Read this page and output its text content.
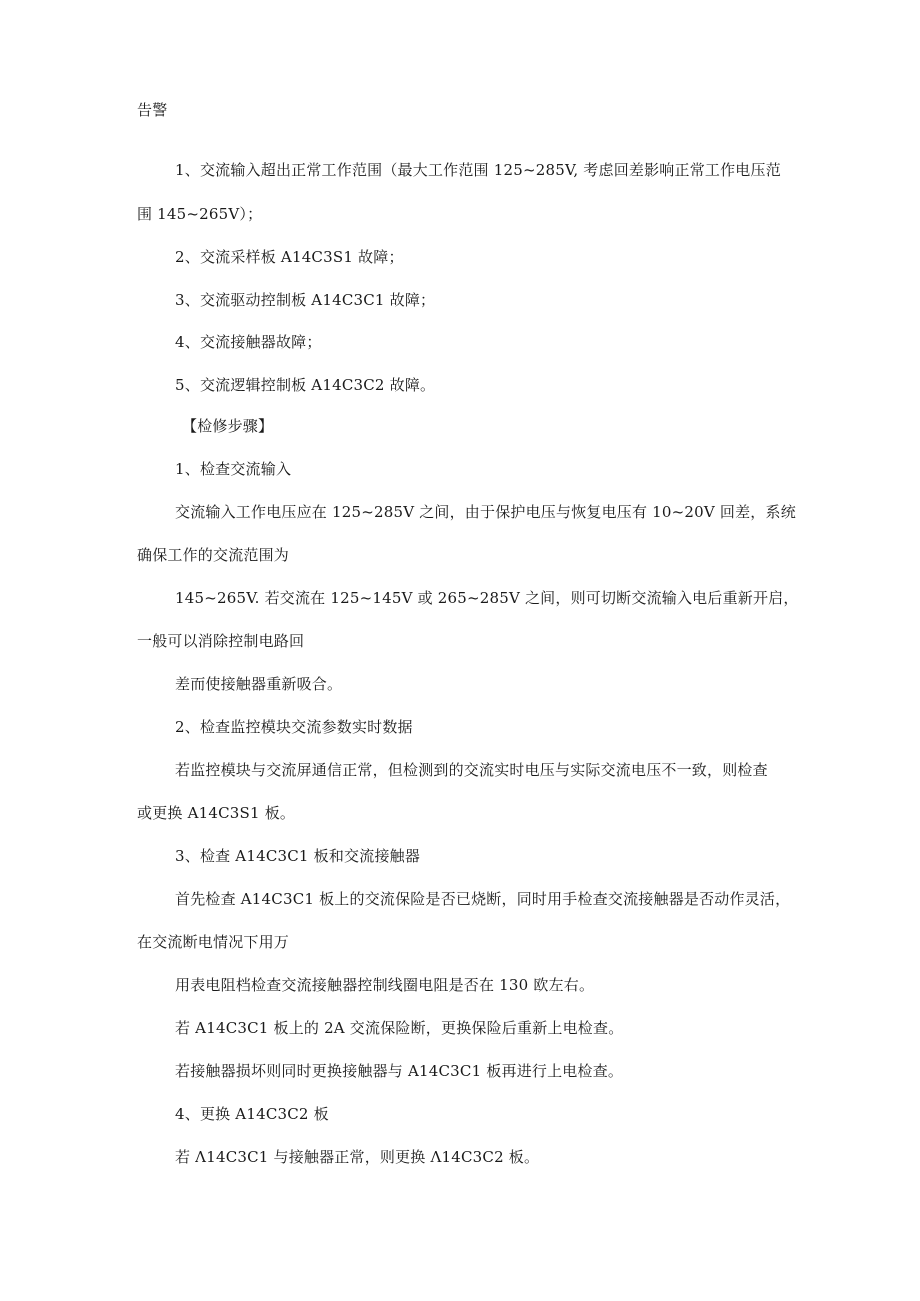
告警
1、交流输入超出正常工作范围（最大工作范围 125~285V, 考虑回差影响正常工作电压范
围 145~265V）；
2、交流采样板 A14C3S1 故障；
3、交流驱动控制板 A14C3C1 故障；
4、交流接触器故障；
5、交流逻辑控制板 A14C3C2 故障。
【检修步骤】
1、检查交流输入
交流输入工作电压应在 125~285V 之间，由于保护电压与恢复电压有 10~20V 回差，系统
确保工作的交流范围为
145~265V. 若交流在 125~145V 或 265~285V 之间，则可切断交流输入电后重新开启，
一般可以消除控制电路回
差而使接触器重新吸合。
2、检查监控模块交流参数实时数据
若监控模块与交流屏通信正常，但检测到的交流实时电压与实际交流电压不一致，则检查
或更换 A14C3S1 板。
3、检查 A14C3C1 板和交流接触器
首先检查 A14C3C1 板上的交流保险是否已烧断，同时用手检查交流接触器是否动作灵活，
在交流断电情况下用万
用表电阻档检查交流接触器控制线圈电阻是否在 130 欧左右。
若 A14C3C1 板上的 2A 交流保险断，更换保险后重新上电检查。
若接触器损坏则同时更换接触器与 A14C3C1 板再进行上电检查。
4、更换 A14C3C2 板
若 Λ14C3C1 与接触器正常，则更换 Λ14C3C2 板。
